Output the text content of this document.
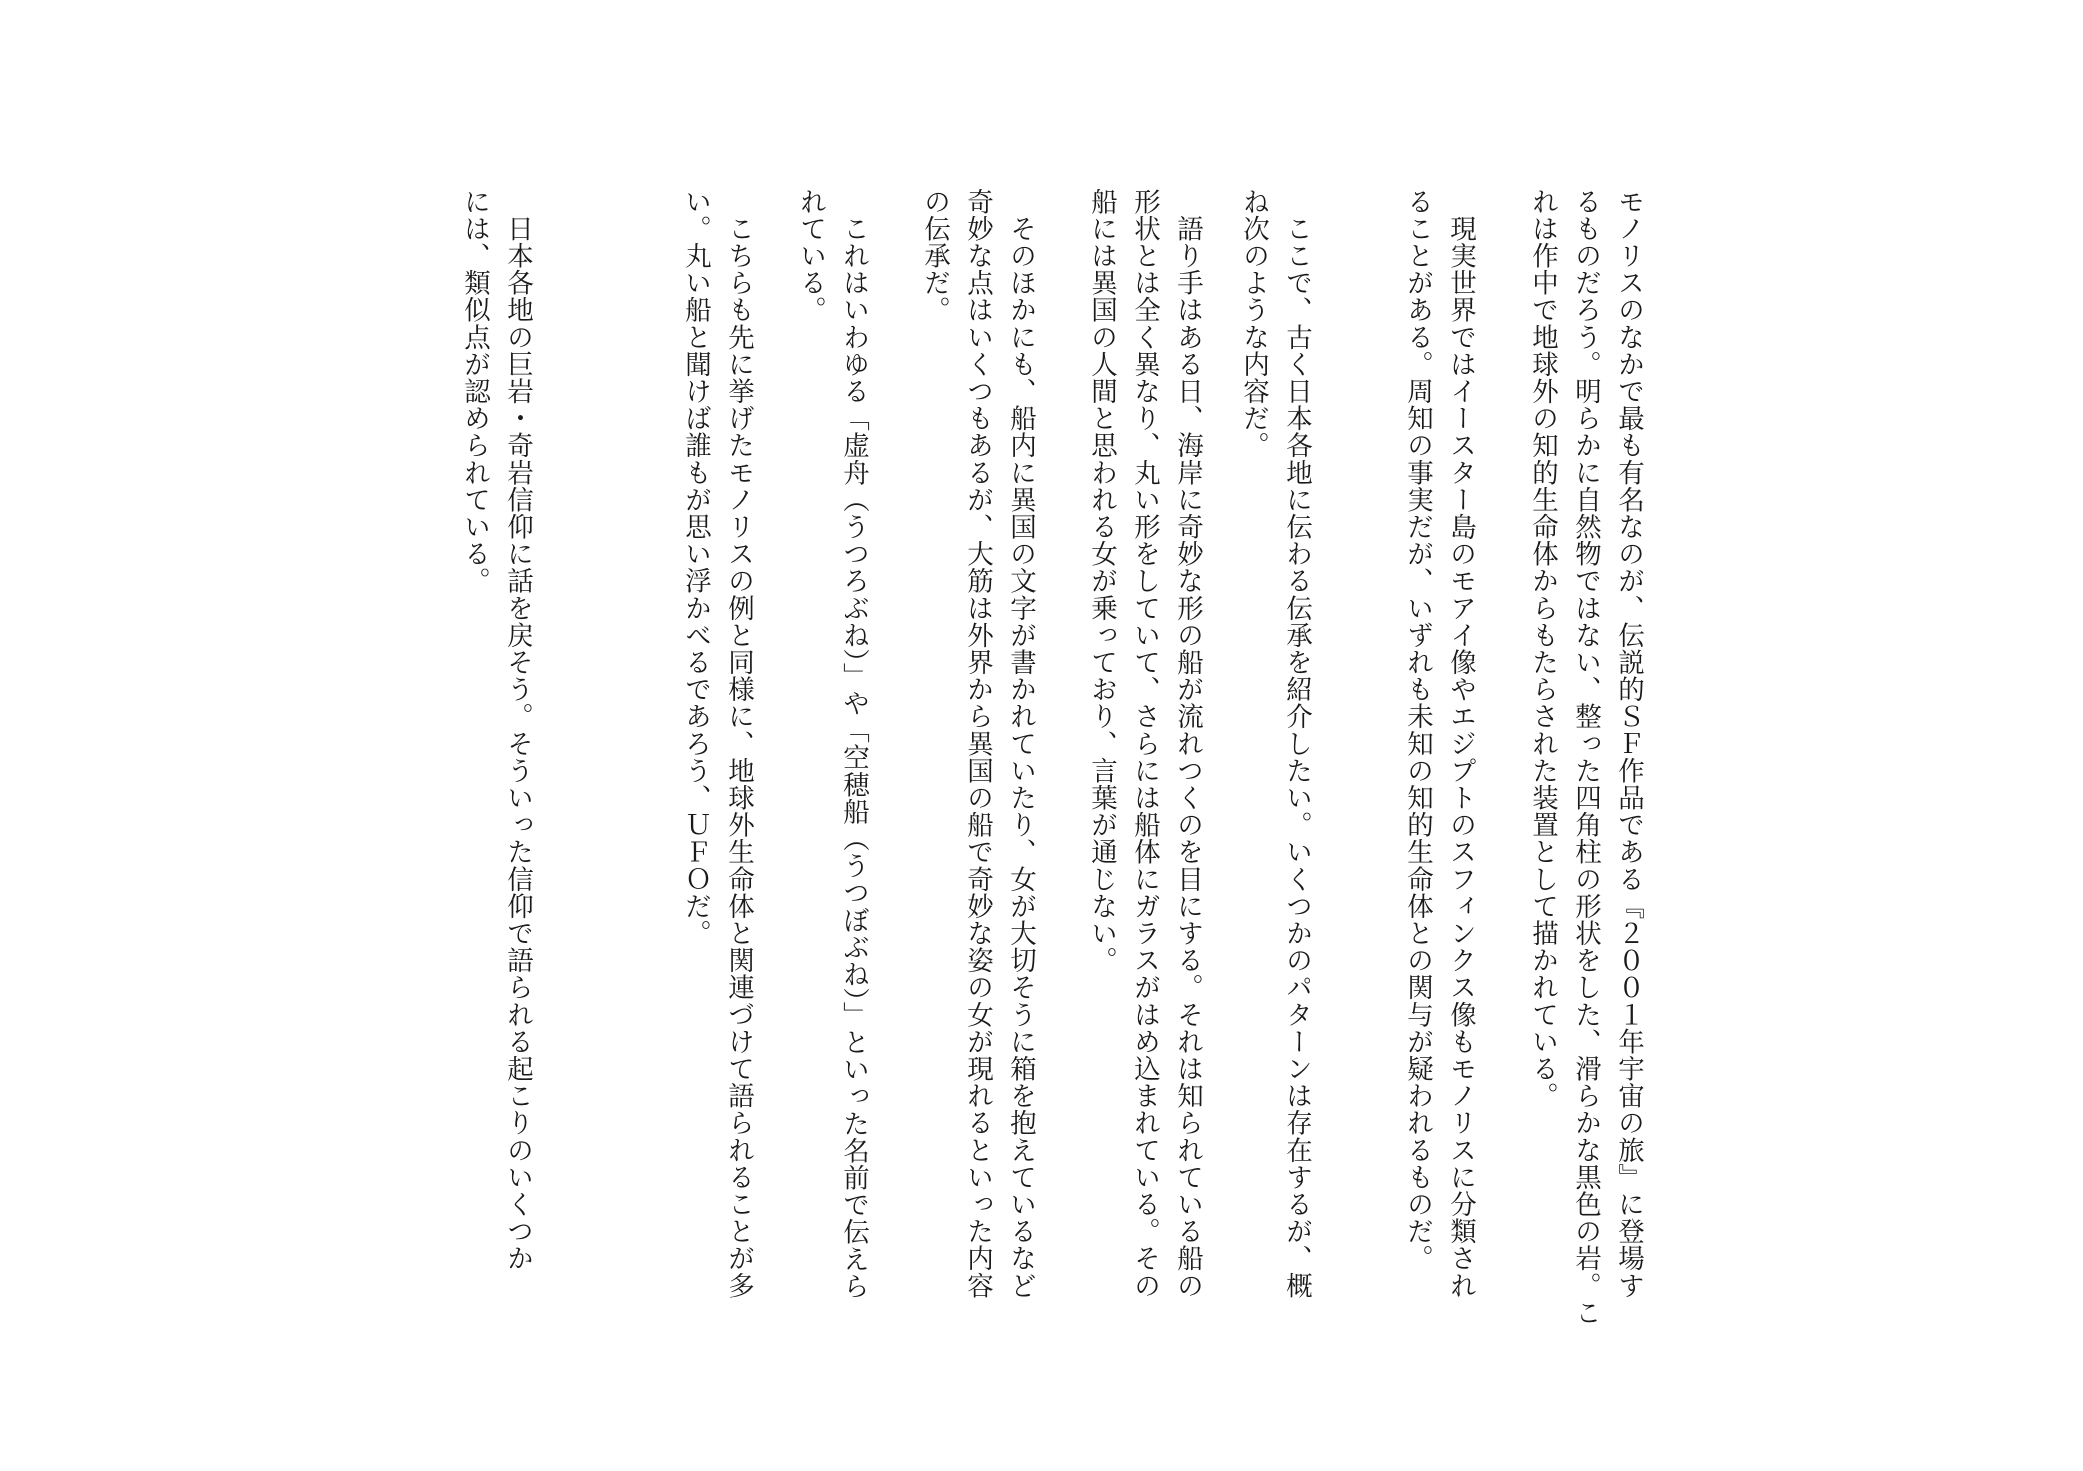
モノリスのなかで最も有名なのが、伝説的ＳＦ作品である『２００１年宇宙の旅』に登場す

るものだろう。明らかに自然物ではない、整った四角柱の形状をした、滑らかな黒色の岩。こ

れは作中で地球外の知的生命体からもたらされた装置として描かれている。

　現実世界ではイースター島のモアイ像やエジプトのスフィンクス像もモノリスに分類され

ることがある。周知の事実だが、いずれも未知の知的生命体との関与が疑われるものだ。

　ここで、古く日本各地に伝わる伝承を紹介したい。いくつかのパターンは存在するが、概

ね次のような内容だ。

　語り手はある日、海岸に奇妙な形の船が流れつくのを目にする。それは知られている船の

形状とは全く異なり、丸い形をしていて、さらには船体にガラスがはめ込まれている。その

船には異国の人間と思われる女が乗っており、言葉が通じない。

　そのほかにも、船内に異国の文字が書かれていたり、女が大切そうに箱を抱えているなど

奇妙な点はいくつもあるが、大筋は外界から異国の船で奇妙な姿の女が現れるといった内容

の伝承だ。

　これはいわゆる「虚舟（うつろぶね）」や「空穂船（うつぼぶね）」といった名前で伝えら

れている。

　こちらも先に挙げたモノリスの例と同様に、地球外生命体と関連づけて語られることが多

い。丸い船と聞けば誰もが思い浮かべるであろう、ＵＦＯだ。

　日本各地の巨岩・奇岩信仰に話を戻そう。そういった信仰で語られる起こりのいくつか

には、類似点が認められている。
